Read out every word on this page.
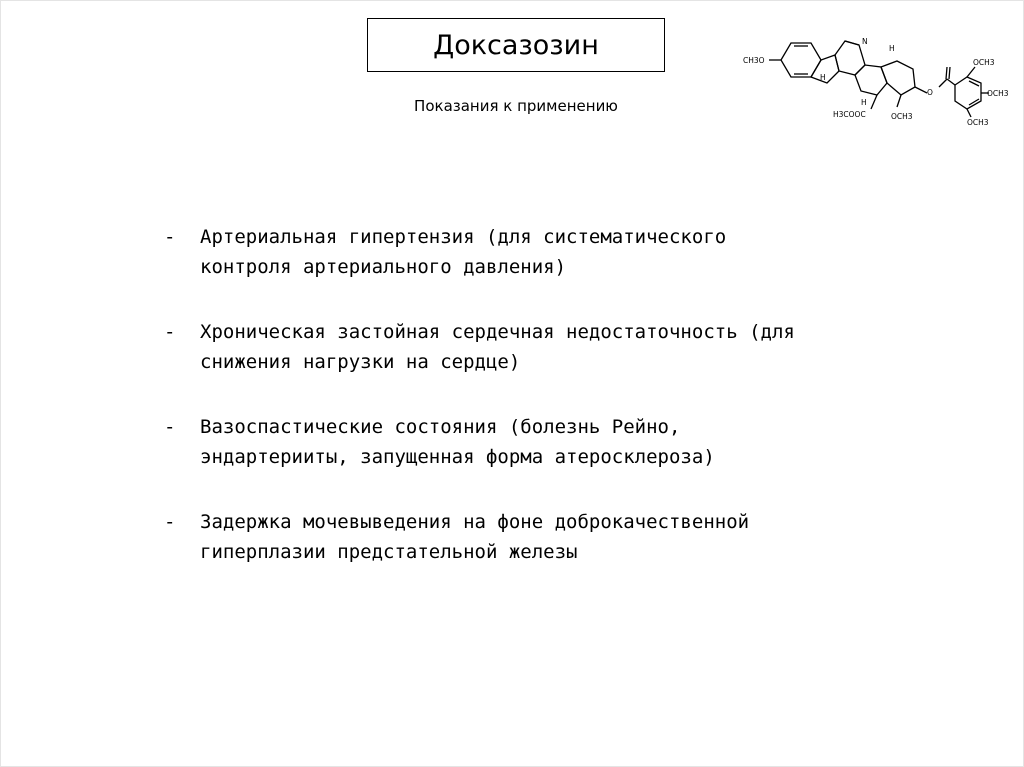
Доксазозин
Показания к применению
CH3O
H
N
H
H
H3COOC	OCH3
O
OCH3
OCH3
OCH3
- Артериальная гипертензия (для систематического
контроля артериального давления)
- Хроническая застойная сердечная недостаточность (для
снижения нагрузки на сердце)
- Вазоспастические состояния (болезнь Рейно,
эндартерииты, запущенная форма атеросклероза)
- Задержка мочевыведения на фоне доброкачественной
гиперплазии предстательной железы
